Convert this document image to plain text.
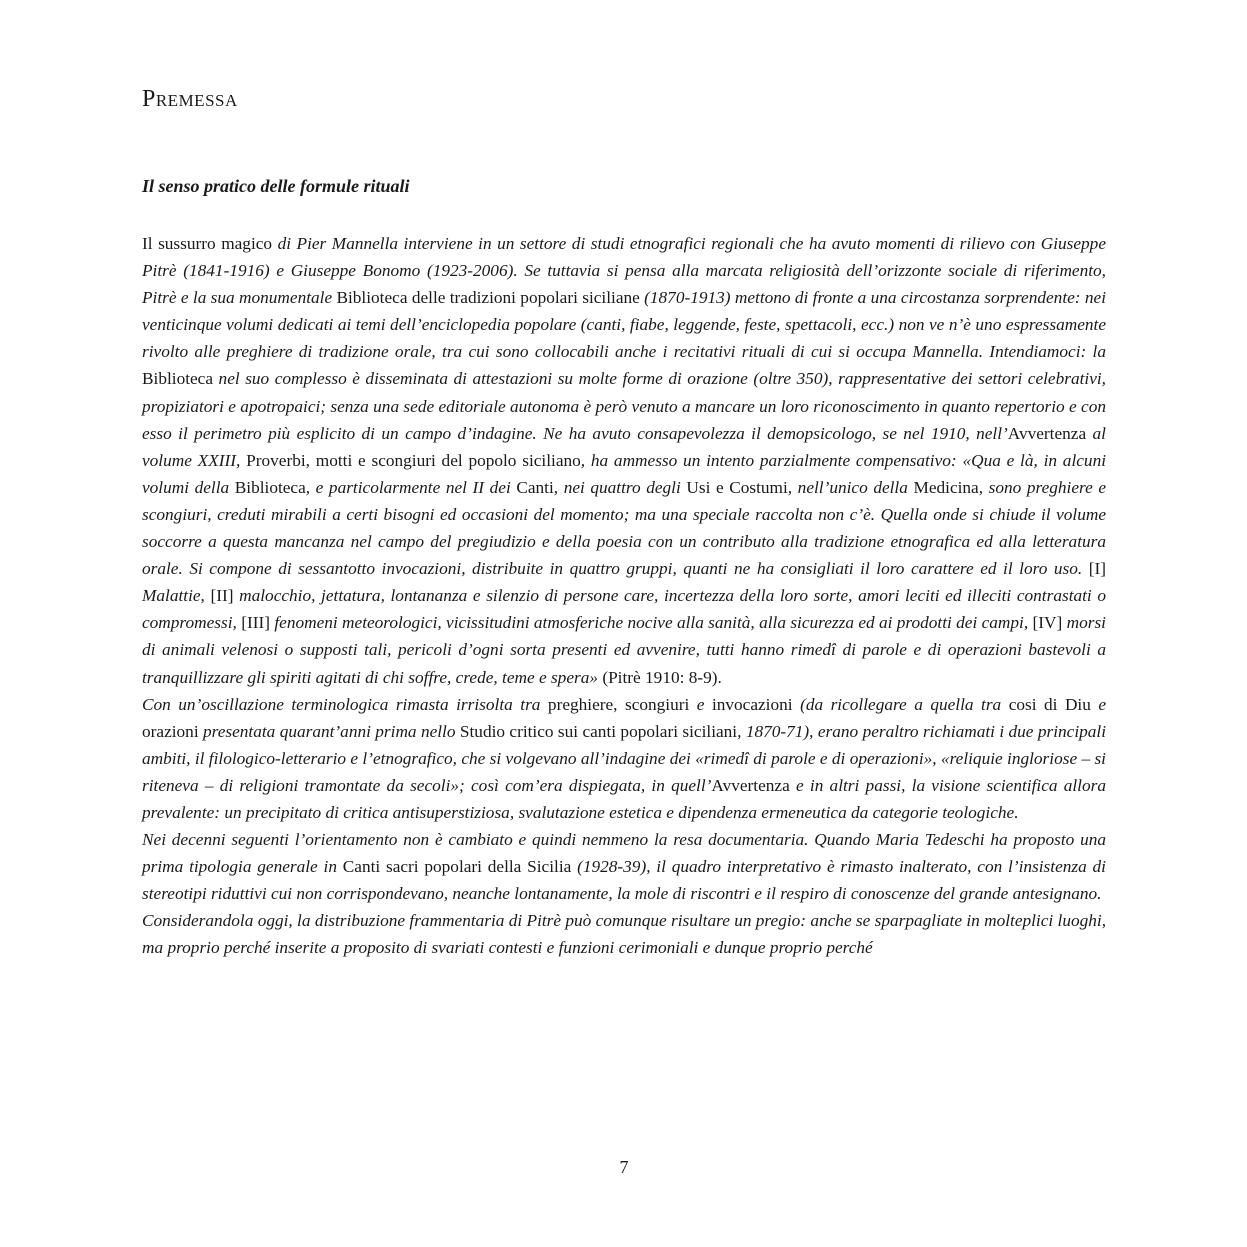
Premessa
Il senso pratico delle formule rituali

Il sussurro magico di Pier Mannella interviene in un settore di studi etnografici regionali che ha avuto momenti di rilievo con Giuseppe Pitrè (1841-1916) e Giuseppe Bonomo (1923-2006). Se tuttavia si pensa alla marcata religiosità dell’orizzonte sociale di riferimento, Pitrè e la sua monumentale Biblioteca delle tradizioni popolari siciliane (1870-1913) mettono di fronte a una circostanza sorprendente: nei venticinque volumi dedicati ai temi dell’enciclopedia popolare (canti, fiabe, leggende, feste, spettacoli, ecc.) non ve n’è uno espressamente rivolto alle preghiere di tradizione orale, tra cui sono collocabili anche i recitativi rituali di cui si occupa Mannella. Intendiamoci: la Biblioteca nel suo complesso è disseminata di attestazioni su molte forme di orazione (oltre 350), rappresentative dei settori celebrativi, propiziatori e apotropaici; senza una sede editoriale autonoma è però venuto a mancare un loro riconoscimento in quanto repertorio e con esso il perimetro più esplicito di un campo d’indagine. Ne ha avuto consapevolezza il demopsicologo, se nel 1910, nell’Avvertenza al volume XXIII, Proverbi, motti e scongiuri del popolo siciliano, ha ammesso un intento parzialmente compensativo: «Qua e là, in alcuni volumi della Biblioteca, e particolarmente nel II dei Canti, nei quattro degli Usi e Costumi, nell’unico della Medicina, sono preghiere e scongiuri, creduti mirabili a certi bisogni ed occasioni del momento; ma una speciale raccolta non c’è. Quella onde si chiude il volume soccorre a questa mancanza nel campo del pregiudizio e della poesia con un contributo alla tradizione etnografica ed alla letteratura orale. Si compone di sessantotto invocazioni, distribuite in quattro gruppi, quanti ne ha consigliati il loro carattere ed il loro uso. [I] Malattie, [II] malocchio, jettatura, lontananza e silenzio di persone care, incertezza della loro sorte, amori leciti ed illeciti contrastati o compromessi, [III] fenomeni meteorologici, vicissitudini atmosferiche nocive alla sanità, alla sicurezza ed ai prodotti dei campi, [IV] morsi di animali velenosi o supposti tali, pericoli d’ogni sorta presenti ed avvenire, tutti hanno rimedî di parole e di operazioni bastevoli a tranquillizzare gli spiriti agitati di chi soffre, crede, teme e spera» (Pitrè 1910: 8-9).

Con un’oscillazione terminologica rimasta irrisolta tra preghiere, scongiuri e invocazioni (da ricollegare a quella tra cosi di Diu e orazioni presentata quarant’anni prima nello Studio critico sui canti popolari siciliani, 1870-71), erano peraltro richiamati i due principali ambiti, il filologico-letterario e l’etnografico, che si volgevano all’indagine dei «rimedî di parole e di operazioni», «reliquie ingloriose – si riteneva – di religioni tramontate da secoli»; così com’era dispiegata, in quell’Avvertenza e in altri passi, la visione scientifica allora prevalente: un precipitato di critica antisuperstiziosa, svalutazione estetica e dipendenza ermeneutica da categorie teologiche.

Nei decenni seguenti l’orientamento non è cambiato e quindi nemmeno la resa documentaria. Quando Maria Tedeschi ha proposto una prima tipologia generale in Canti sacri popolari della Sicilia (1928-39), il quadro interpretativo è rimasto inalterato, con l’insistenza di stereotipi riduttivi cui non corrispondevano, neanche lontanamente, la mole di riscontri e il respiro di conoscenze del grande antesignano.

Considerandola oggi, la distribuzione frammentaria di Pitrè può comunque risultare un pregio: anche se sparpagliate in molteplici luoghi, ma proprio perché inserite a proposito di svariati contesti e funzioni cerimoniali e dunque proprio perché

7
